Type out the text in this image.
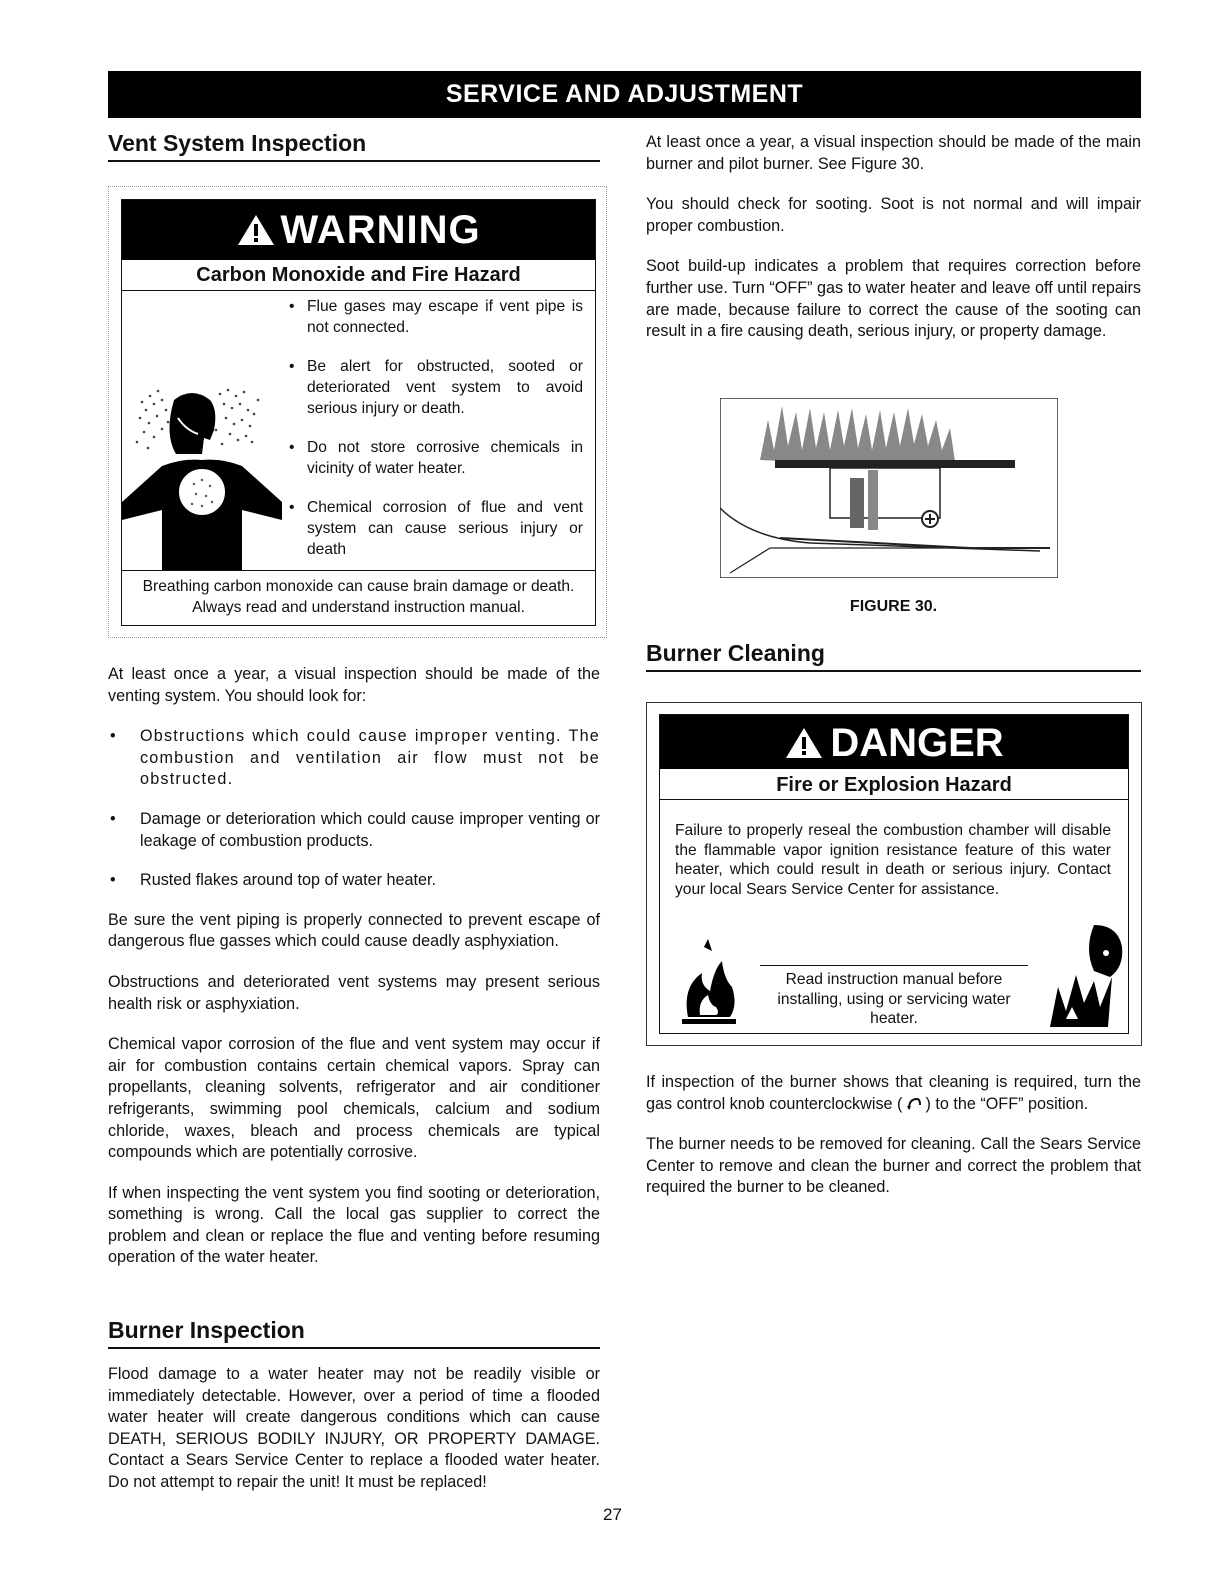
SERVICE AND ADJUSTMENT
Vent System Inspection
WARNING
Carbon Monoxide and Fire Hazard
• Flue gases may escape if vent pipe is not connected.
• Be alert for obstructed, sooted or deteriorated vent system to avoid serious injury or death.
• Do not store corrosive chemicals in vicinity of water heater.
• Chemical corrosion of flue and vent system can cause serious injury or death
Breathing carbon monoxide can cause brain damage or death. Always read and understand instruction manual.

At least once a year, a visual inspection should be made of the venting system. You should look for:

• Obstructions which could cause improper venting. The combustion and ventilation air flow must not be obstructed.
• Damage or deterioration which could cause improper venting or leakage of combustion products.
• Rusted flakes around top of water heater.

Be sure the vent piping is properly connected to prevent escape of dangerous flue gasses which could cause deadly asphyxiation.

Obstructions and deteriorated vent systems may present serious health risk or asphyxiation.

Chemical vapor corrosion of the flue and vent system may occur if air for combustion contains certain chemical vapors. Spray can propellants, cleaning solvents, refrigerator and air conditioner refrigerants, swimming pool chemicals, calcium and sodium chloride, waxes, bleach and process chemicals are typical compounds which are potentially corrosive.

If when inspecting the vent system you find sooting or deterioration, something is wrong. Call the local gas supplier to correct the problem and clean or replace the flue and venting before resuming operation of the water heater.

Burner Inspection

Flood damage to a water heater may not be readily visible or immediately detectable. However, over a period of time a flooded water heater will create dangerous conditions which can cause DEATH, SERIOUS BODILY INJURY, OR PROPERTY DAMAGE. Contact a Sears Service Center to replace a flooded water heater. Do not attempt to repair the unit! It must be replaced!

At least once a year, a visual inspection should be made of the main burner and pilot burner. See Figure 30.

You should check for sooting. Soot is not normal and will impair proper combustion.

Soot build-up indicates a problem that requires correction before further use. Turn “OFF” gas to water heater and leave off until repairs are made, because failure to correct the cause of the sooting can result in a fire causing death, serious injury, or property damage.

FIGURE 30.
Burner Cleaning
DANGER
Fire or Explosion Hazard
Failure to properly reseal the combustion chamber will disable the flammable vapor ignition resistance feature of this water heater, which could result in death or serious injury. Contact your local Sears Service Center for assistance.
Read instruction manual before installing, using or servicing water heater.

If inspection of the burner shows that cleaning is required, turn the gas control knob counterclockwise ( ) to the “OFF” position.

The burner needs to be removed for cleaning. Call the Sears Service Center to remove and clean the burner and correct the problem that required the burner to be cleaned.

27
